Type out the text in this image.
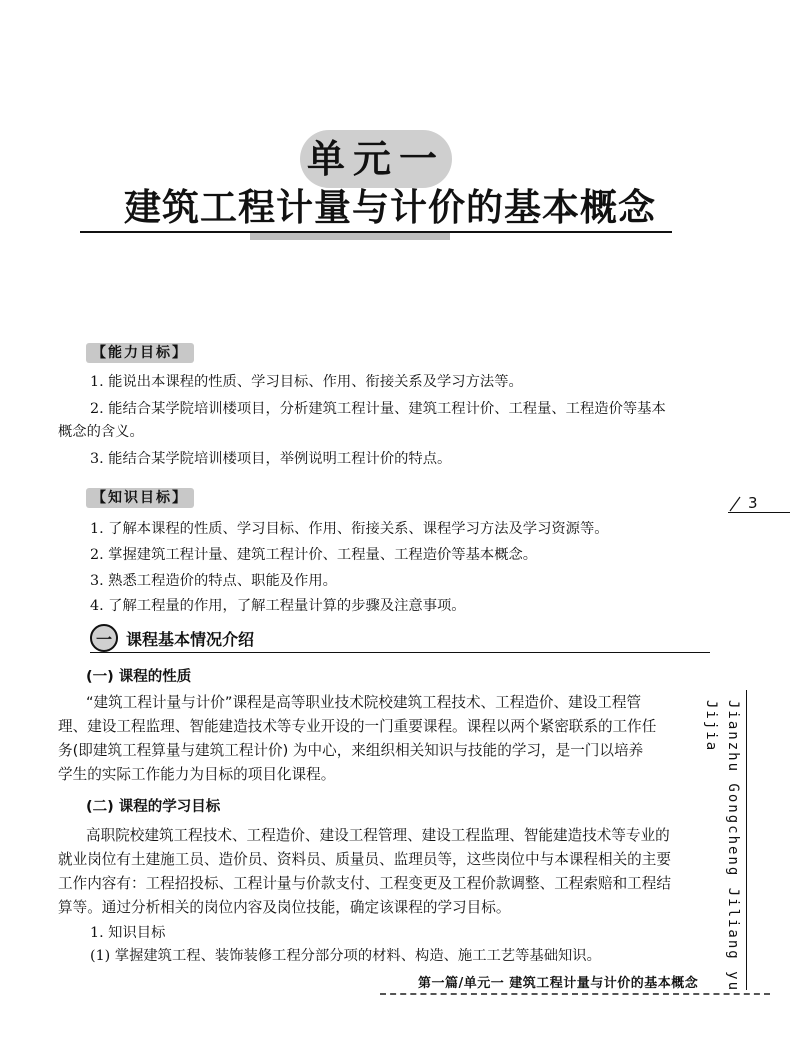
单元一
建筑工程计量与计价的基本概念
【能力目标】
1. 能说出本课程的性质、学习目标、作用、衔接关系及学习方法等。
2. 能结合某学院培训楼项目，分析建筑工程计量、建筑工程计价、工程量、工程造价等基本
概念的含义。
3. 能结合某学院培训楼项目，举例说明工程计价的特点。
【知识目标】
1. 了解本课程的性质、学习目标、作用、衔接关系、课程学习方法及学习资源等。
2. 掌握建筑工程计量、建筑工程计价、工程量、工程造价等基本概念。
3. 熟悉工程造价的特点、职能及作用。
4. 了解工程量的作用，了解工程量计算的步骤及注意事项。
一 课程基本情况介绍
(一) 课程的性质
“建筑工程计量与计价”课程是高等职业技术院校建筑工程技术、工程造价、建设工程管
理、建设工程监理、智能建造技术等专业开设的一门重要课程。课程以两个紧密联系的工作任
务(即建筑工程算量与建筑工程计价) 为中心，来组织相关知识与技能的学习，是一门以培养
学生的实际工作能力为目标的项目化课程。
(二) 课程的学习目标
高职院校建筑工程技术、工程造价、建设工程管理、建设工程监理、智能建造技术等专业的
就业岗位有土建施工员、造价员、资料员、质量员、监理员等，这些岗位中与本课程相关的主要
工作内容有：工程招投标、工程计量与价款支付、工程变更及工程价款调整、工程索赔和工程结
算等。通过分析相关的岗位内容及岗位技能，确定该课程的学习目标。
1. 知识目标
(1) 掌握建筑工程、装饰装修工程分部分项的材料、构造、施工工艺等基础知识。
3
Jianzhu Gongcheng Jiliang yu Jijia
第一篇/单元一 建筑工程计量与计价的基本概念
